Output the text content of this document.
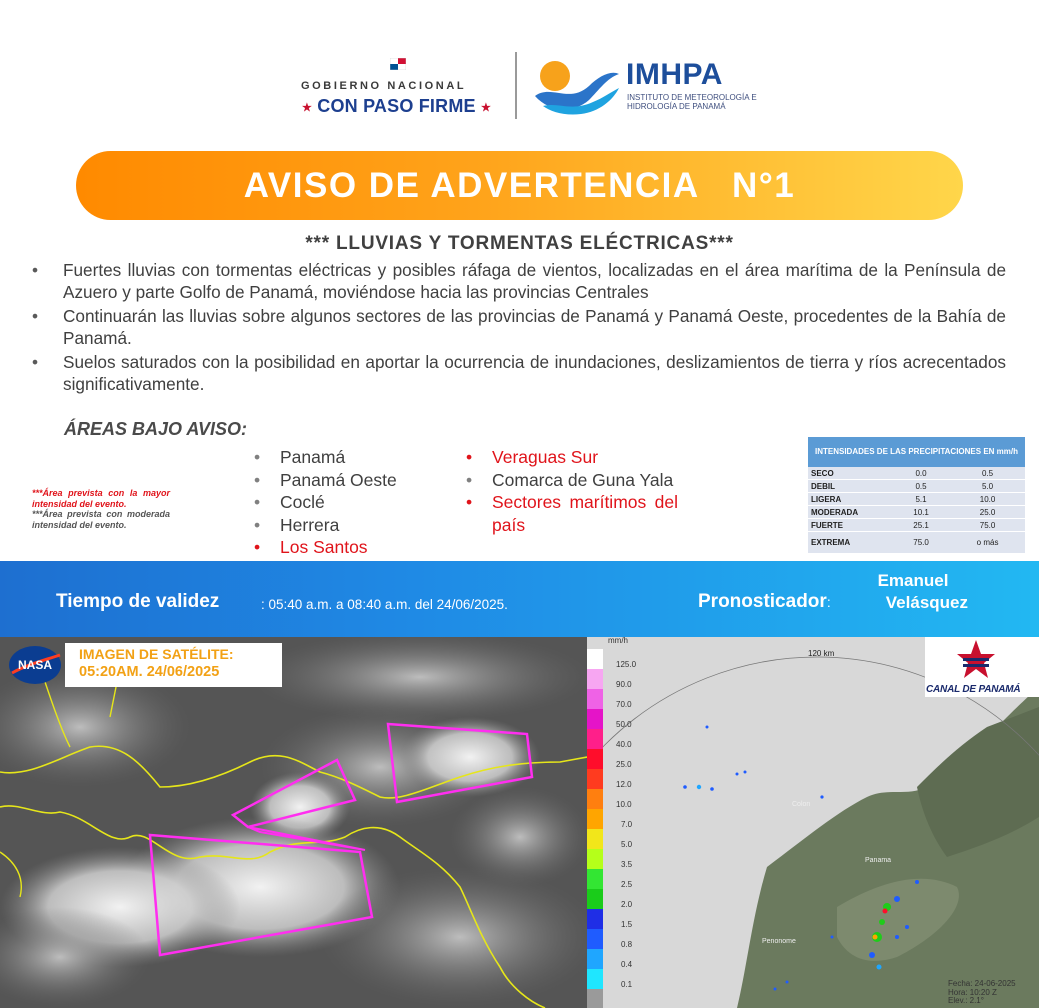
GOBIERNO NACIONAL
★ CON PASO FIRME ★
IMHPA
INSTITUTO DE METEOROLOGÍA E HIDROLOGÍA DE PANAMÁ
AVISO DE ADVERTENCIA   N°1
*** LLUVIAS Y TORMENTAS ELÉCTRICAS***
• Fuertes lluvias con tormentas eléctricas y posibles ráfaga de vientos, localizadas en el área marítima de la Península de Azuero y parte Golfo de Panamá, moviéndose hacia las provincias Centrales
• Continuarán las lluvias sobre algunos sectores de las provincias de Panamá y Panamá Oeste, procedentes de la Bahía de Panamá.
• Suelos saturados con la posibilidad en aportar la ocurrencia de inundaciones, deslizamientos de tierra y ríos acrecentados significativamente.
ÁREAS BAJO AVISO:
***Área prevista con la mayor intensidad del evento.
***Área prevista con moderada intensidad del evento.
• Panamá
• Panamá Oeste
• Coclé
• Herrera
• Los Santos
• Veraguas Sur
• Comarca de Guna Yala
• Sectores marítimos del país
INTENSIDADES DE LAS PRECIPITACIONES EN mm/h		
SECO	0.0	0.5
DEBIL	0.5	5.0
LIGERA	5.1	10.0
MODERADA	10.1	25.0
FUERTE	25.1	75.0
EXTREMA	75.0	o más
Tiempo de validez	: 05:40 a.m. a 08:40 a.m. del 24/06/2025.	Pronosticador:
Emanuel
Velásquez
IMAGEN DE SATÉLITE:
05:20AM. 24/06/2025
NASA
mm/h
125.0
90.0
70.0
50.0
40.0
25.0
12.0
10.0
7.0
5.0
3.5
2.5
2.0
1.5
0.8
0.4
0.1
120 km
Colon
Panama
Penonome
CANAL DE PANAMÁ
Fecha: 24-06-2025
Hora: 10:20 Z
Elev.: 2.1°
